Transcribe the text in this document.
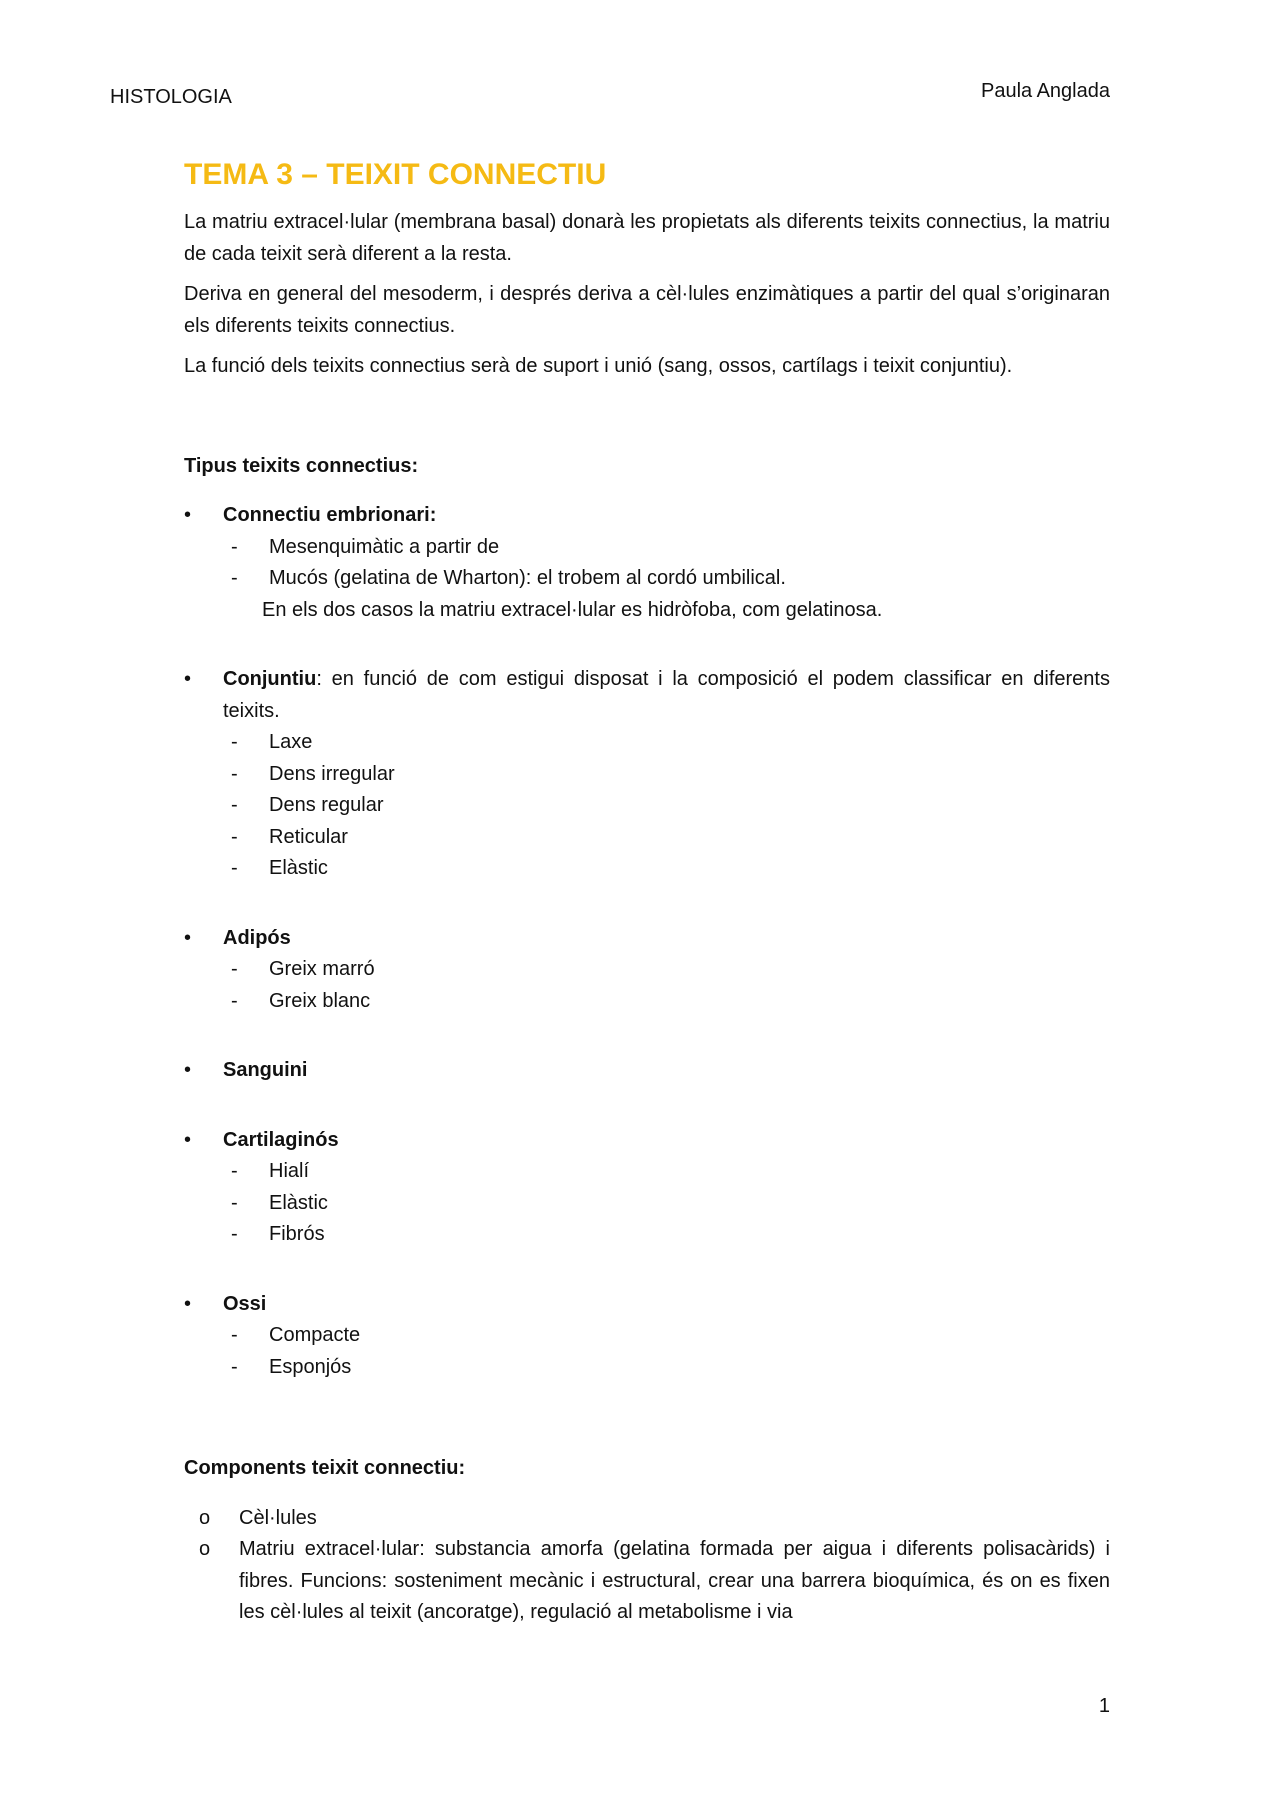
HISTOLOGIA	Paula Anglada
TEMA 3 – TEIXIT CONNECTIU

La matriu extracel·lular (membrana basal) donarà les propietats als diferents teixits connectius, la matriu de cada teixit serà diferent a la resta.

Deriva en general del mesoderm, i després deriva a cèl·lules enzimàtiques a partir del qual s’originaran els diferents teixits connectius.

La funció dels teixits connectius serà de suport i unió (sang, ossos, cartílags i teixit conjuntiu).

Tipus teixits connectius:
• Connectiu embrionari:
- Mesenquimàtic a partir de
- Mucós (gelatina de Wharton): el trobem al cordó umbilical.
En els dos casos la matriu extracel·lular es hidròfoba, com gelatinosa.
• Conjuntiu: en funció de com estigui disposat i la composició el podem classificar en diferents teixits.
- Laxe
- Dens irregular
- Dens regular
- Reticular
- Elàstic
• Adipós
- Greix marró
- Greix blanc
• Sanguini
• Cartilaginós
- Hialí
- Elàstic
- Fibrós
• Ossi
- Compacte
- Esponjós
Components teixit connectiu:
o Cèl·lules
o Matriu extracel·lular: substancia amorfa (gelatina formada per aigua i diferents polisacàrids) i fibres. Funcions: sosteniment mecànic i estructural, crear una barrera bioquímica, és on es fixen les cèl·lules al teixit (ancoratge), regulació al metabolisme i via
1
